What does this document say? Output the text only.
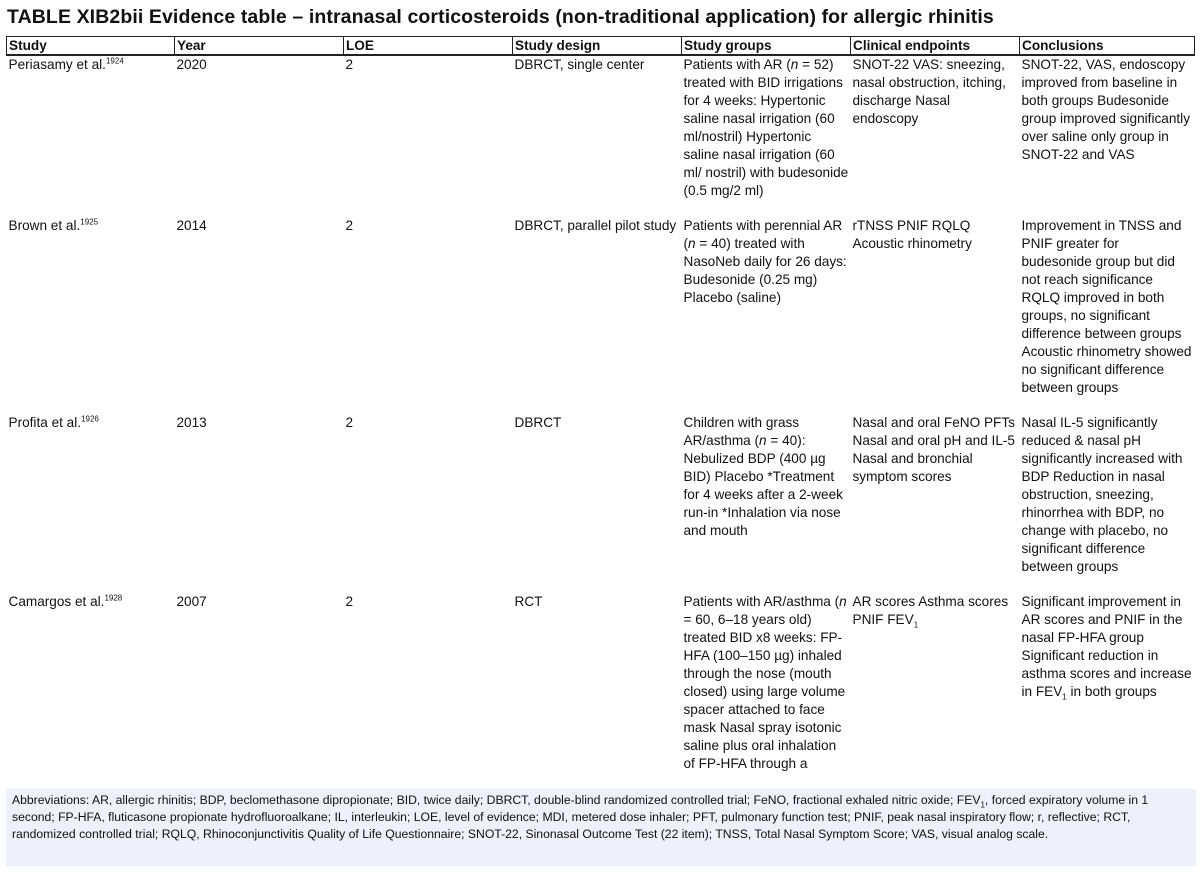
TABLE XIB2bii Evidence table – intranasal corticosteroids (non-traditional application) for allergic rhinitis
Study	Year	LOE	Study design	Study groups	Clinical endpoints	Conclusions
Periasamy et al.$^{1924}$	2020	2	DBRCT, single center	Patients with AR (n = 52) treated with BID irrigations for 4 weeks: Hypertonic saline nasal irrigation (60 ml/nostril) Hypertonic saline nasal irrigation (60 ml/ nostril) with budesonide (0.5 mg/2 ml)	SNOT-22 VAS: sneezing, nasal obstruction, itching, discharge Nasal endoscopy	SNOT-22, VAS, endoscopy improved from baseline in both groups Budesonide group improved significantly over saline only group in SNOT-22 and VAS
Brown et al.$^{1925}$	2014	2	DBRCT, parallel pilot study	Patients with perennial AR (n = 40) treated with NasoNeb daily for 26 days: Budesonide (0.25 mg) Placebo (saline)	rTNSS PNIF RQLQ Acoustic rhinometry	Improvement in TNSS and PNIF greater for budesonide group but did not reach significance RQLQ improved in both groups, no significant difference between groups Acoustic rhinometry showed no significant difference between groups
Profita et al.$^{1926}$	2013	2	DBRCT	Children with grass AR/asthma (n = 40): Nebulized BDP (400 µg BID) Placebo *Treatment for 4 weeks after a 2-week run-in *Inhalation via nose and mouth	Nasal and oral FeNO PFTs Nasal and oral pH and IL-5 Nasal and bronchial symptom scores	Nasal IL-5 significantly reduced & nasal pH significantly increased with BDP Reduction in nasal obstruction, sneezing, rhinorrhea with BDP, no change with placebo, no significant difference between groups
Camargos et al.$^{1928}$	2007	2	RCT	Patients with AR/asthma (n = 60, 6–18 years old) treated BID x8 weeks: FP-HFA (100–150 µg) inhaled through the nose (mouth closed) using large volume spacer attached to face mask Nasal spray isotonic saline plus oral inhalation of FP-HFA through a	AR scores Asthma scores PNIF $FEV_1$	Significant improvement in AR scores and PNIF in the nasal FP-HFA group Significant reduction in asthma scores and increase in $FEV_1$ in both groups
Abbreviations: AR, allergic rhinitis; BDP, beclomethasone dipropionate; BID, twice daily; DBRCT, double-blind randomized controlled trial; FeNO, fractional exhaled nitric oxide; $FEV_1$, forced expiratory volume in 1 second; FP-HFA, fluticasone propionate hydrofluoroalkane; IL, interleukin; LOE, level of evidence; MDI, metered dose inhaler; PFT, pulmonary function test; PNIF, peak nasal inspiratory flow; r, reflective; RCT, randomized controlled trial; RQLQ, Rhinoconjunctivitis Quality of Life Questionnaire; SNOT-22, Sinonasal Outcome Test (22 item); TNSS, Total Nasal Symptom Score; VAS, visual analog scale.
